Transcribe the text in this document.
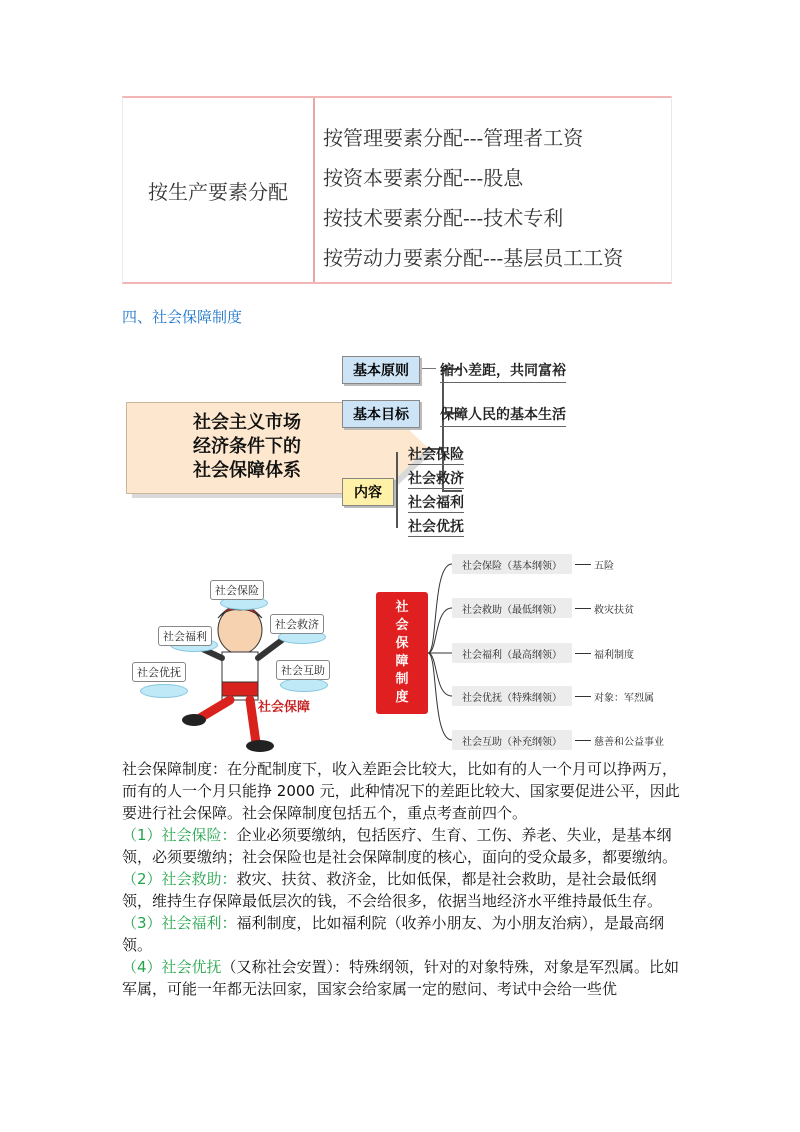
按生产要素分配
按管理要素分配---管理者工资
按资本要素分配---股息
按技术要素分配---技术专利
按劳动力要素分配---基层员工工资
四、社会保障制度
社会主义市场
经济条件下的
社会保障体系
基本原则	缩小差距，共同富裕
基本目标	保障人民的基本生活
内容
社会保险
社会救济
社会福利
社会优抚
社会保险
社会救济
社会福利
社会优抚	社会互助
社会保障
社
会
保
障
制
度
社会保险（基本纲领）	五险
社会救助（最低纲领）	救灾扶贫
社会福利（最高纲领）	福利制度
社会优抚（特殊纲领）	对象：军烈属
社会互助（补充纲领）	慈善和公益事业

社会保障制度：在分配制度下，收入差距会比较大，比如有的人一个月可以挣两万，而有的人一个月只能挣 2000 元，此种情况下的差距比较大、国家要促进公平，因此要进行社会保障。社会保障制度包括五个，重点考查前四个。

（1）社会保险：企业必须要缴纳，包括医疗、生育、工伤、养老、失业，是基本纲领，必须要缴纳；社会保险也是社会保障制度的核心，面向的受众最多，都要缴纳。

（2）社会救助：救灾、扶贫、救济金，比如低保，都是社会救助，是社会最低纲领，维持生存保障最低层次的钱，不会给很多，依据当地经济水平维持最低生存。

（3）社会福利：福利制度，比如福利院（收养小朋友、为小朋友治病），是最高纲领。

（4）社会优抚（又称社会安置）：特殊纲领，针对的对象特殊，对象是军烈属。比如军属，可能一年都无法回家，国家会给家属一定的慰问、考试中会给一些优
